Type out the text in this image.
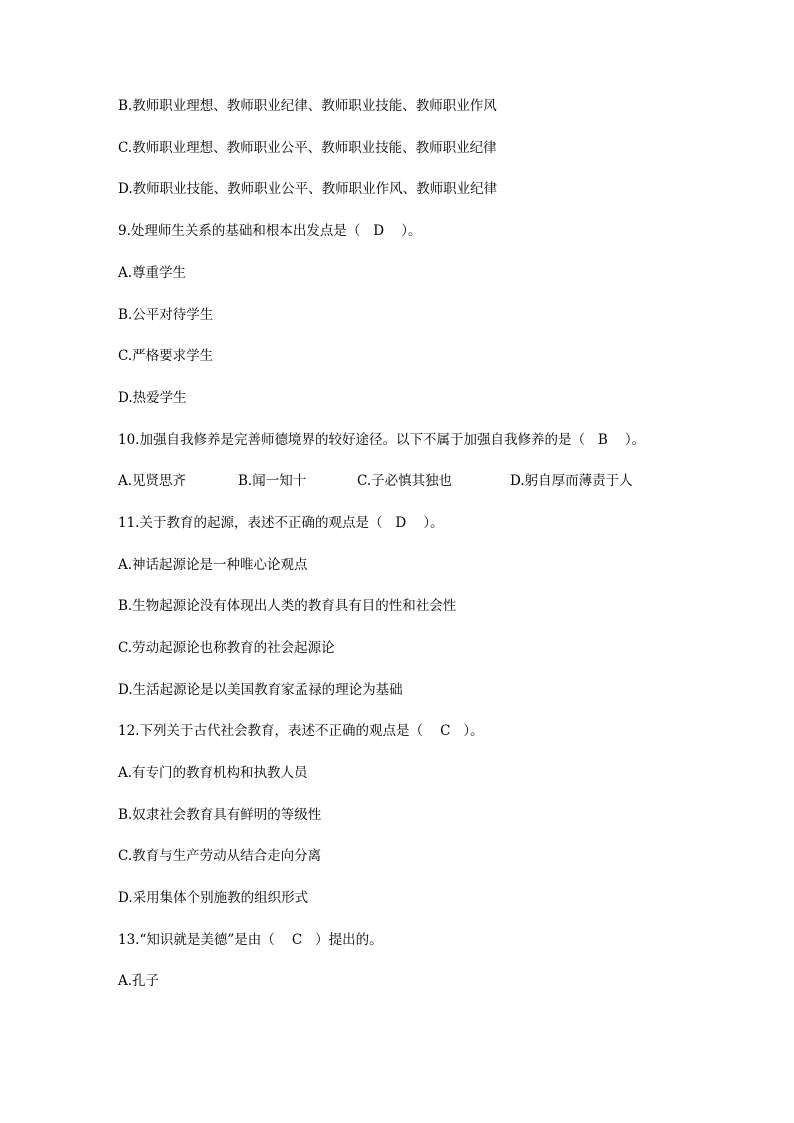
B.教师职业理想、教师职业纪律、教师职业技能、教师职业作风
C.教师职业理想、教师职业公平、教师职业技能、教师职业纪律
D.教师职业技能、教师职业公平、教师职业作风、教师职业纪律
9.处理师生关系的基础和根本出发点是（   D    ）。
A.尊重学生
B.公平对待学生
C.严格要求学生
D.热爱学生
10.加强自我修养是完善师德境界的较好途径。以下不属于加强自我修养的是（   B    ）。

A.见贤思齐

	B.闻一知十

	C.子必慎其独也

	D.躬自厚而薄责于人

11.关于教育的起源，表述不正确的观点是（   D    ）。
A.神话起源论是一种唯心论观点
B.生物起源论没有体现出人类的教育具有目的性和社会性
C.劳动起源论也称教育的社会起源论
D.生活起源论是以美国教育家孟禄的理论为基础
12.下列关于古代社会教育，表述不正确的观点是（    C   ）。
A.有专门的教育机构和执教人员
B.奴隶社会教育具有鲜明的等级性
C.教育与生产劳动从结合走向分离
D.采用集体个别施教的组织形式
13.“知识就是美德”是由（    C   ）提出的。
A.孔子
